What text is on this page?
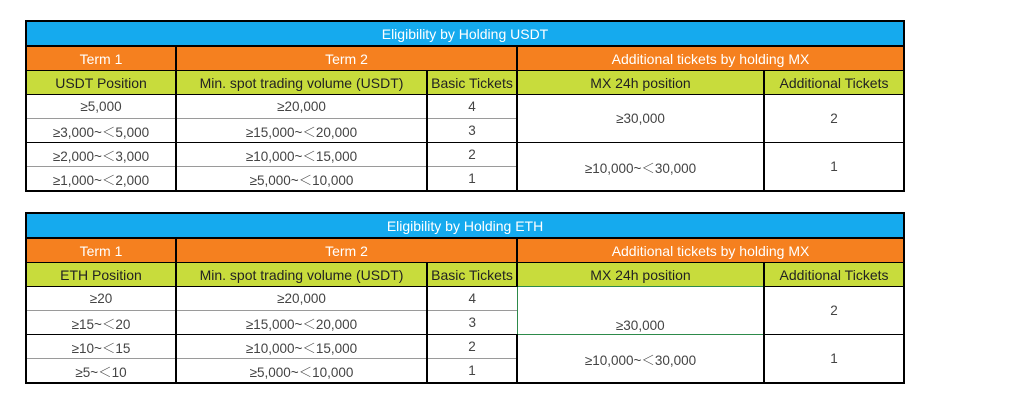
Eligibility by Holding USDT				
Term 1	Term 2		Additional tickets by holding MX	
USDT Position	Min. spot trading volume (USDT)	Basic Tickets	MX 24h position	Additional Tickets
≥5,000	≥20,000	4	≥30,000	2
≥3,000~＜5,000	≥15,000~＜20,000	3		
≥2,000~＜3,000	≥10,000~＜15,000	2	≥10,000~＜30,000	1
≥1,000~＜2,000	≥5,000~＜10,000	1		
Eligibility by Holding ETH				
Term 1	Term 2		Additional tickets by holding MX	
ETH Position	Min. spot trading volume (USDT)	Basic Tickets	MX 24h position	Additional Tickets
≥20	≥20,000	4	≥30,000	2
≥15~＜20	≥15,000~＜20,000	3		
≥10~＜15	≥10,000~＜15,000	2	≥10,000~＜30,000	1
≥5~＜10	≥5,000~＜10,000	1		
